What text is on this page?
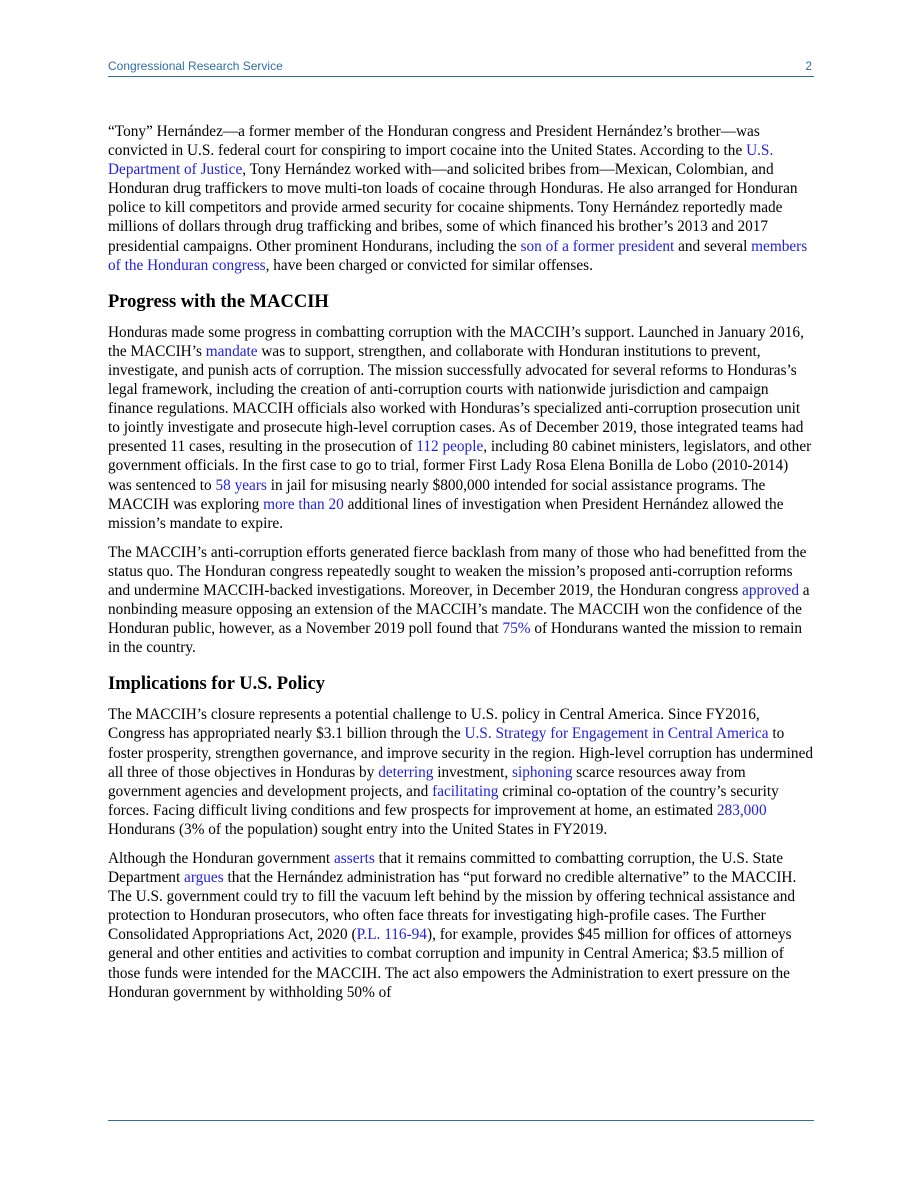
Congressional Research Service	2

“Tony” Hernández—a former member of the Honduran congress and President Hernández’s brother—was convicted in U.S. federal court for conspiring to import cocaine into the United States. According to the U.S. Department of Justice, Tony Hernández worked with—and solicited bribes from—Mexican, Colombian, and Honduran drug traffickers to move multi-ton loads of cocaine through Honduras. He also arranged for Honduran police to kill competitors and provide armed security for cocaine shipments. Tony Hernández reportedly made millions of dollars through drug trafficking and bribes, some of which financed his brother’s 2013 and 2017 presidential campaigns. Other prominent Hondurans, including the son of a former president and several members of the Honduran congress, have been charged or convicted for similar offenses.

Progress with the MACCIH

Honduras made some progress in combatting corruption with the MACCIH’s support. Launched in January 2016, the MACCIH’s mandate was to support, strengthen, and collaborate with Honduran institutions to prevent, investigate, and punish acts of corruption. The mission successfully advocated for several reforms to Honduras’s legal framework, including the creation of anti-corruption courts with nationwide jurisdiction and campaign finance regulations. MACCIH officials also worked with Honduras’s specialized anti-corruption prosecution unit to jointly investigate and prosecute high-level corruption cases. As of December 2019, those integrated teams had presented 11 cases, resulting in the prosecution of 112 people, including 80 cabinet ministers, legislators, and other government officials. In the first case to go to trial, former First Lady Rosa Elena Bonilla de Lobo (2010-2014) was sentenced to 58 years in jail for misusing nearly $800,000 intended for social assistance programs. The MACCIH was exploring more than 20 additional lines of investigation when President Hernández allowed the mission’s mandate to expire.

The MACCIH’s anti-corruption efforts generated fierce backlash from many of those who had benefitted from the status quo. The Honduran congress repeatedly sought to weaken the mission’s proposed anti-corruption reforms and undermine MACCIH-backed investigations. Moreover, in December 2019, the Honduran congress approved a nonbinding measure opposing an extension of the MACCIH’s mandate. The MACCIH won the confidence of the Honduran public, however, as a November 2019 poll found that 75% of Hondurans wanted the mission to remain in the country.

Implications for U.S. Policy

The MACCIH’s closure represents a potential challenge to U.S. policy in Central America. Since FY2016, Congress has appropriated nearly $3.1 billion through the U.S. Strategy for Engagement in Central America to foster prosperity, strengthen governance, and improve security in the region. High-level corruption has undermined all three of those objectives in Honduras by deterring investment, siphoning scarce resources away from government agencies and development projects, and facilitating criminal co-optation of the country’s security forces. Facing difficult living conditions and few prospects for improvement at home, an estimated 283,000 Hondurans (3% of the population) sought entry into the United States in FY2019.

Although the Honduran government asserts that it remains committed to combatting corruption, the U.S. State Department argues that the Hernández administration has “put forward no credible alternative” to the MACCIH. The U.S. government could try to fill the vacuum left behind by the mission by offering technical assistance and protection to Honduran prosecutors, who often face threats for investigating high-profile cases. The Further Consolidated Appropriations Act, 2020 (P.L. 116-94), for example, provides $45 million for offices of attorneys general and other entities and activities to combat corruption and impunity in Central America; $3.5 million of those funds were intended for the MACCIH. The act also empowers the Administration to exert pressure on the Honduran government by withholding 50% of
